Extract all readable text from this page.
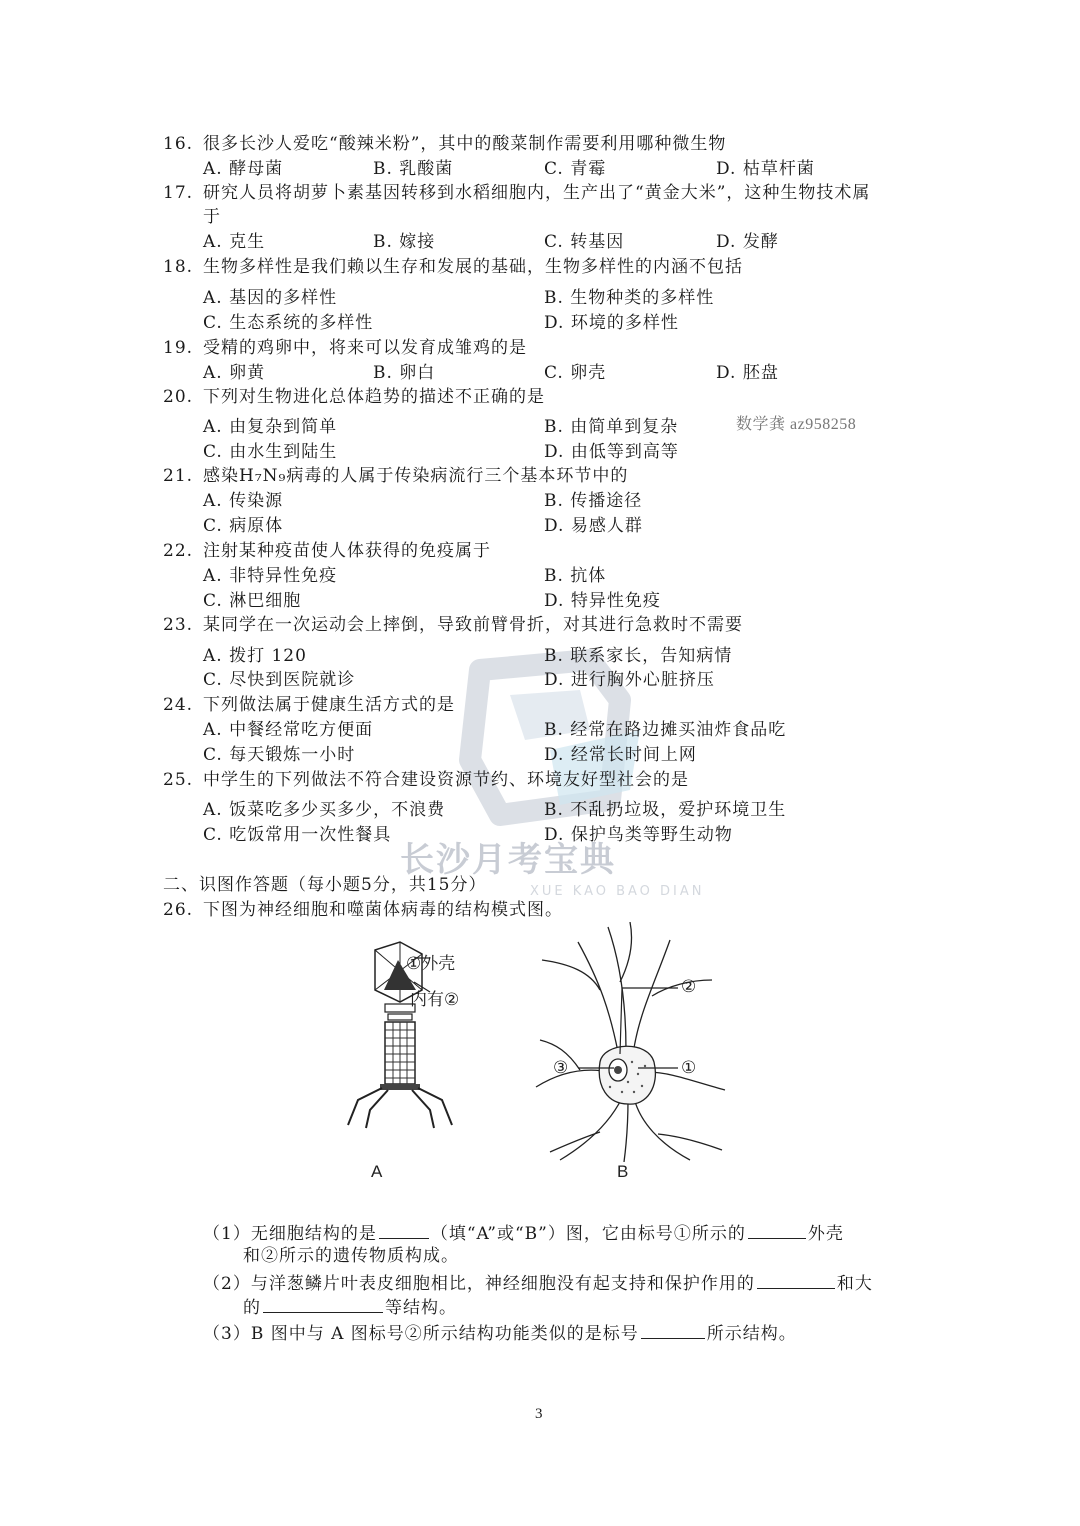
长沙月考宝典
XUE KAO BAO DIAN
数学龚 az958258
16. 很多长沙人爱吃“酸辣米粉”，其中的酸菜制作需要利用哪种微生物
A. 酵母菌	B. 乳酸菌	C. 青霉	D. 枯草杆菌
17. 研究人员将胡萝卜素基因转移到水稻细胞内，生产出了“黄金大米”，这种生物技术属
于
A. 克生	B. 嫁接	C. 转基因	D. 发酵
18. 生物多样性是我们赖以生存和发展的基础，生物多样性的内涵不包括
A. 基因的多样性	B. 生物种类的多样性
C. 生态系统的多样性	D. 环境的多样性
19. 受精的鸡卵中，将来可以发育成雏鸡的是
A. 卵黄	B. 卵白	C. 卵壳	D. 胚盘
20. 下列对生物进化总体趋势的描述不正确的是
A. 由复杂到简单	B. 由简单到复杂
C. 由水生到陆生	D. 由低等到高等
21. 感染H₇N₉病毒的人属于传染病流行三个基本环节中的
A. 传染源	B. 传播途径
C. 病原体	D. 易感人群
22. 注射某种疫苗使人体获得的免疫属于
A. 非特异性免疫	B. 抗体
C. 淋巴细胞	D. 特异性免疫
23. 某同学在一次运动会上摔倒，导致前臂骨折，对其进行急救时不需要
A. 拨打 120	B. 联系家长，告知病情
C. 尽快到医院就诊	D. 进行胸外心脏挤压
24. 下列做法属于健康生活方式的是
A. 中餐经常吃方便面	B. 经常在路边摊买油炸食品吃
C. 每天锻炼一小时	D. 经常长时间上网
25. 中学生的下列做法不符合建设资源节约、环境友好型社会的是
A. 饭菜吃多少买多少，不浪费	B. 不乱扔垃圾，爱护环境卫生
C. 吃饭常用一次性餐具	D. 保护鸟类等野生动物
二、识图作答题（每小题5分，共15分）
26. 下图为神经细胞和噬菌体病毒的结构模式图。
①外壳
内有②
A
②
③	①
B
（1）无细胞结构的是	（填“A”或“B”）图，它由标号①所示的	外壳
和②所示的遗传物质构成。
（2）与洋葱鳞片叶表皮细胞相比，神经细胞没有起支持和保护作用的	和大
的	等结构。
（3）B 图中与 A 图标号②所示结构功能类似的是标号	所示结构。
3
